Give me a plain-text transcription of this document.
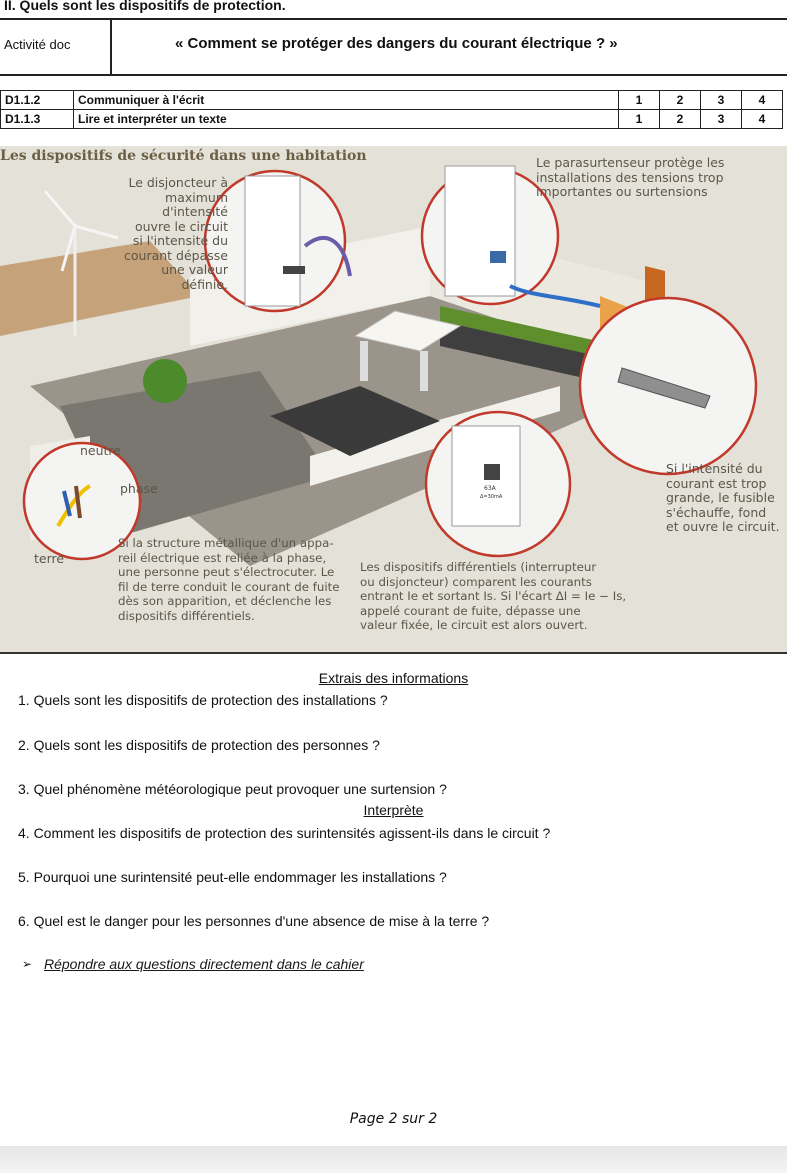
II. Quels sont les dispositifs de protection.
Activité doc	« Comment se protéger des dangers du courant électrique ? »
D1.1.2	Communiquer à l'écrit	1	2	3	4
D1.1.3	Lire et interpréter un texte	1	2	3	4
Le disjoncteur à
maximum
d'intensité
ouvre le circuit
si l'intensité du
courant dépasse
une valeur
définie.
Le parasurtenseur protège les
installations des tensions trop
importantes ou surtensions
Si l'intensité du
courant est trop
grande, le fusible
s'échauffe, fond
et ouvre le circuit.
Si la structure métallique d'un appa-
reil électrique est reliée à la phase,
une personne peut s'électrocuter. Le
fil de terre conduit le courant de fuite
dès son apparition, et déclenche les
dispositifs différentiels.
Les dispositifs différentiels (interrupteur
ou disjoncteur) comparent les courants
entrant Ie et sortant Is. Si l'écart ΔI = Ie − Is,
appelé courant de fuite, dépasse une
valeur fixée, le circuit est alors ouvert.
neutre
phase
terre
63A
Δ=30mA
Les dispositifs de sécurité dans une habitation
Extrais des informations
1. Quels sont les dispositifs de protection des installations ?
2. Quels sont les dispositifs de protection des personnes ?
3. Quel phénomène météorologique peut provoquer une surtension ?
Interprète
4. Comment les dispositifs de protection des surintensités agissent-ils dans le circuit ?
5. Pourquoi une surintensité peut-elle endommager les installations ?
6. Quel est le danger pour les personnes d'une absence de mise à la terre ?
➢ Répondre aux questions directement dans le cahier
Page 2 sur 2
